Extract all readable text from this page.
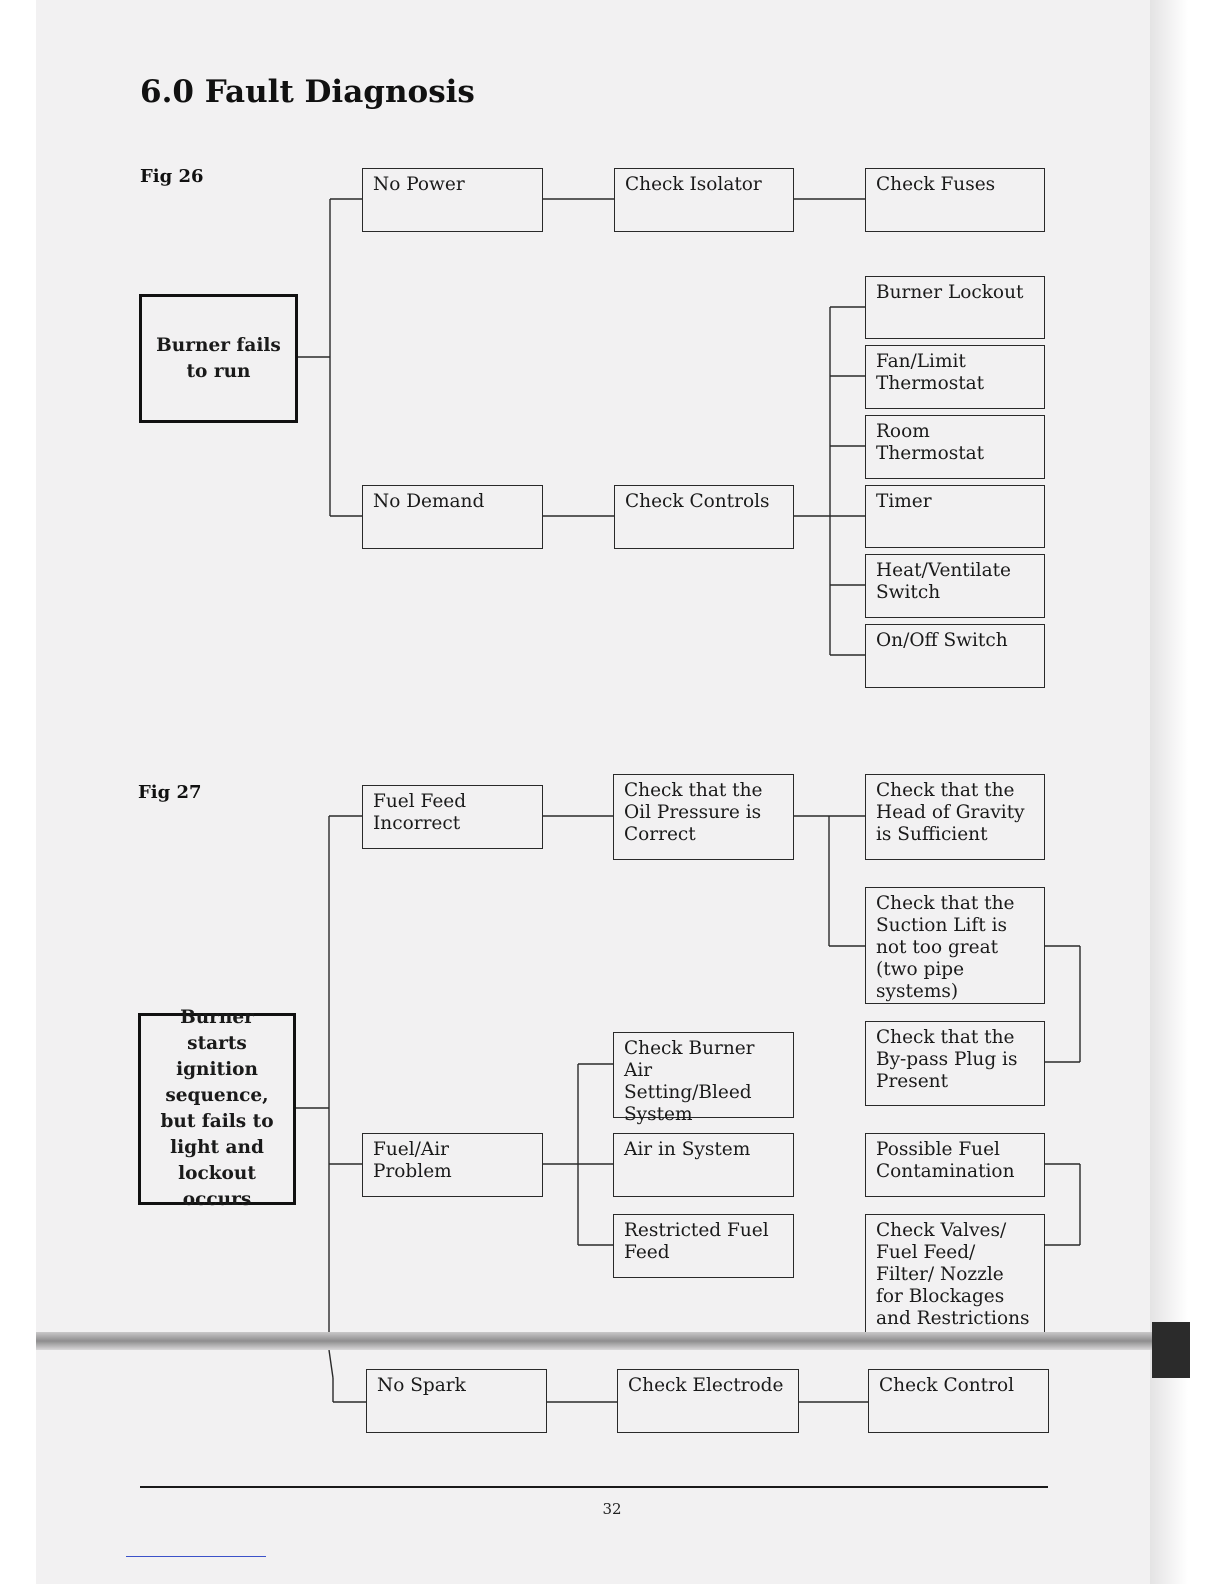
6.0 Fault Diagnosis
Fig 26
Fig 27
Burner fails to run
No Power	Check Isolator	Check Fuses
No Demand	Check Controls
Burner Lockout
Fan/Limit Thermostat
Room Thermostat
Timer
Heat/Ventilate Switch
On/Off Switch
Burner starts ignition sequence, but fails to light and lockout occurs
Fuel Feed Incorrect
Check that the Oil Pressure is Correct
Check that the Head of Gravity is Sufficient
Check that the Suction Lift is not too great (two pipe systems)
Check that the By-pass Plug is Present
Check Burner Air Setting/Bleed System
Fuel/Air Problem
Air in System
Restricted Fuel Feed
Possible Fuel Contamination
Check Valves/ Fuel Feed/ Filter/ Nozzle for Blockages and Restrictions
No Spark	Check Electrode	Check Control
32
